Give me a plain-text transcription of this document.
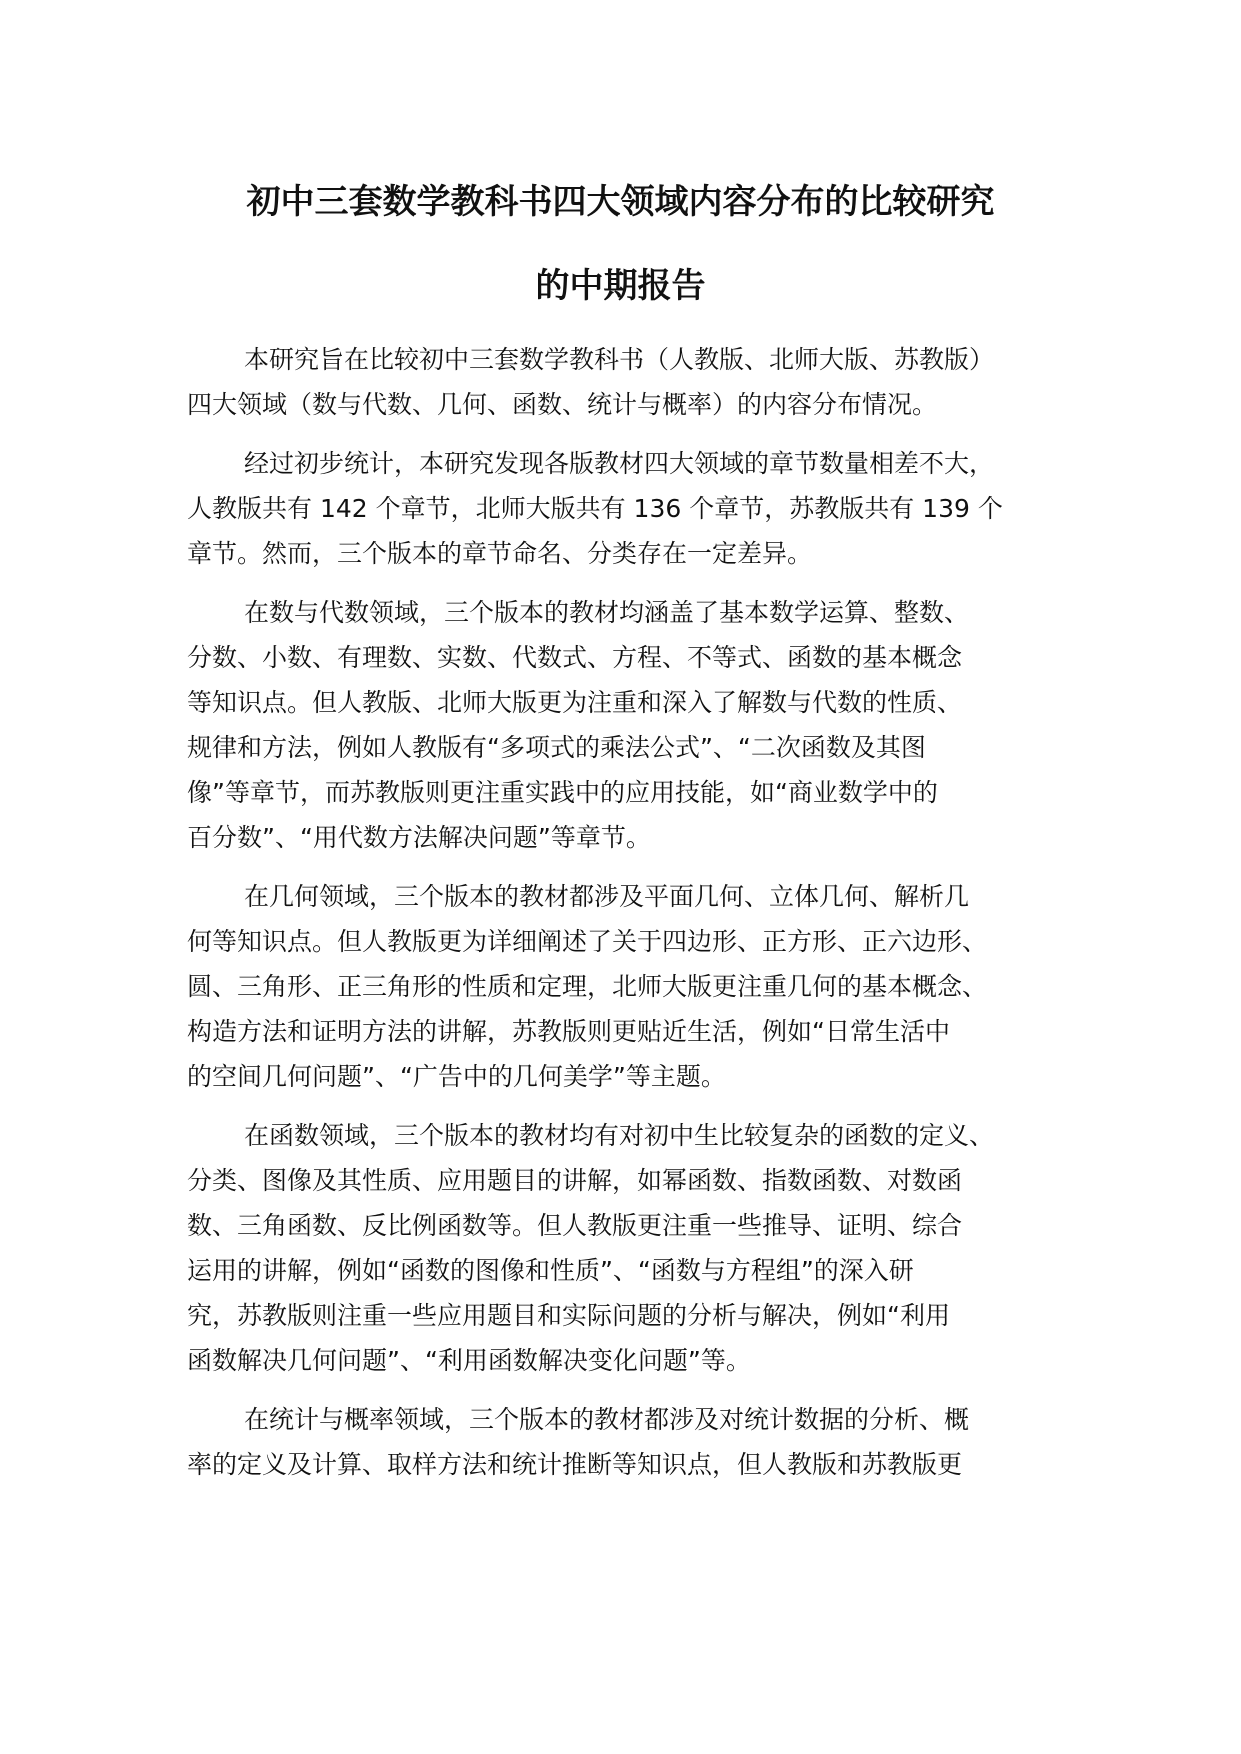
初中三套数学教科书四大领域内容分布的比较研究
的中期报告
本研究旨在比较初中三套数学教科书（人教版、北师大版、苏教版）
四大领域（数与代数、几何、函数、统计与概率）的内容分布情况。
经过初步统计，本研究发现各版教材四大领域的章节数量相差不大，
人教版共有 142 个章节，北师大版共有 136 个章节，苏教版共有 139 个
章节。然而，三个版本的章节命名、分类存在一定差异。
在数与代数领域，三个版本的教材均涵盖了基本数学运算、整数、
分数、小数、有理数、实数、代数式、方程、不等式、函数的基本概念
等知识点。但人教版、北师大版更为注重和深入了解数与代数的性质、
规律和方法，例如人教版有“多项式的乘法公式”、“二次函数及其图
像”等章节，而苏教版则更注重实践中的应用技能，如“商业数学中的
百分数”、“用代数方法解决问题”等章节。
在几何领域，三个版本的教材都涉及平面几何、立体几何、解析几
何等知识点。但人教版更为详细阐述了关于四边形、正方形、正六边形、
圆、三角形、正三角形的性质和定理，北师大版更注重几何的基本概念、
构造方法和证明方法的讲解，苏教版则更贴近生活，例如“日常生活中
的空间几何问题”、“广告中的几何美学”等主题。
在函数领域，三个版本的教材均有对初中生比较复杂的函数的定义、
分类、图像及其性质、应用题目的讲解，如幂函数、指数函数、对数函
数、三角函数、反比例函数等。但人教版更注重一些推导、证明、综合
运用的讲解，例如“函数的图像和性质”、“函数与方程组”的深入研
究，苏教版则注重一些应用题目和实际问题的分析与解决，例如“利用
函数解决几何问题”、“利用函数解决变化问题”等。
在统计与概率领域，三个版本的教材都涉及对统计数据的分析、概
率的定义及计算、取样方法和统计推断等知识点，但人教版和苏教版更
